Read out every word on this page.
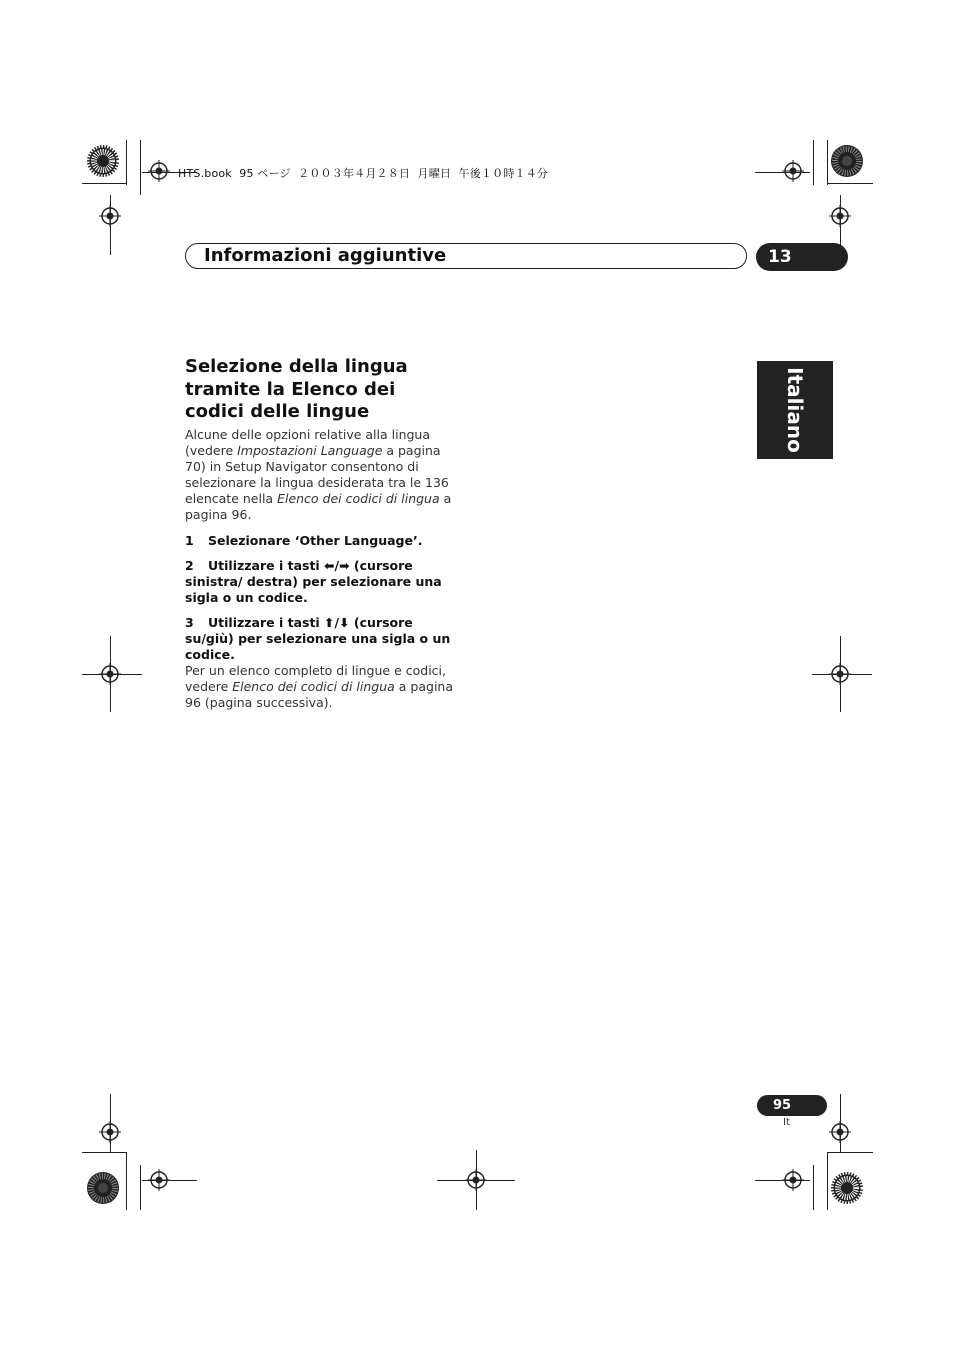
HTS.book  95 ページ  ２００３年４月２８日  月曜日  午後１０時１４分
Informazioni aggiuntive	13
Italiano
Selezione della lingua tramite la Elenco dei codici delle lingue

Alcune delle opzioni relative alla lingua (vedere Impostazioni Language a pagina 70) in Setup Navigator consentono di selezionare la lingua desiderata tra le 136 elencate nella Elenco dei codici di lingua a pagina 96.

1 Selezionare ‘Other Language’.

2 Utilizzare i tasti ⬅/➡ (cursore sinistra/ destra) per selezionare una sigla o un codice.

3 Utilizzare i tasti ⬆/⬇ (cursore su/giù) per selezionare una sigla o un codice.

Per un elenco completo di lingue e codici, vedere Elenco dei codici di lingua a pagina 96 (pagina successiva).

95
It
